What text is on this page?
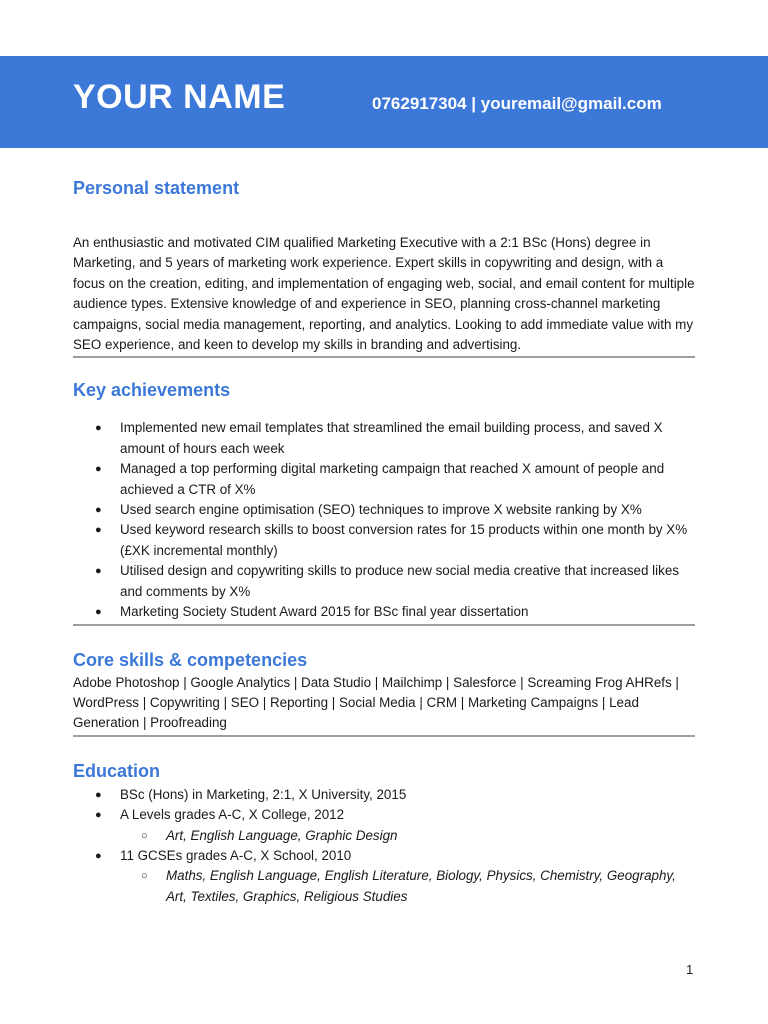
YOUR NAME	0762917304 | youremail@gmail.com
Personal statement

An enthusiastic and motivated CIM qualified Marketing Executive with a 2:1 BSc (Hons) degree in Marketing, and 5 years of marketing work experience. Expert skills in copywriting and design, with a focus on the creation, editing, and implementation of engaging web, social, and email content for multiple audience types. Extensive knowledge of and experience in SEO, planning cross-channel marketing campaigns, social media management, reporting, and analytics. Looking to add immediate value with my SEO experience, and keen to develop my skills in branding and advertising.

Key achievements
● Implemented new email templates that streamlined the email building process, and saved X amount of hours each week
● Managed a top performing digital marketing campaign that reached X amount of people and achieved a CTR of X%
● Used search engine optimisation (SEO) techniques to improve X website ranking by X%
● Used keyword research skills to boost conversion rates for 15 products within one month by X% (£XK incremental monthly)
● Utilised design and copywriting skills to produce new social media creative that increased likes and comments by X%
● Marketing Society Student Award 2015 for BSc final year dissertation
Core skills & competencies

Adobe Photoshop | Google Analytics | Data Studio | Mailchimp | Salesforce | Screaming Frog AHRefs | WordPress | Copywriting | SEO | Reporting | Social Media | CRM | Marketing Campaigns | Lead Generation | Proofreading

Education
● BSc (Hons) in Marketing, 2:1, X University, 2015
● A Levels grades A-C, X College, 2012
○ Art, English Language, Graphic Design
● 11 GCSEs grades A-C, X School, 2010
○ Maths, English Language, English Literature, Biology, Physics, Chemistry, Geography, Art, Textiles, Graphics, Religious Studies
1
